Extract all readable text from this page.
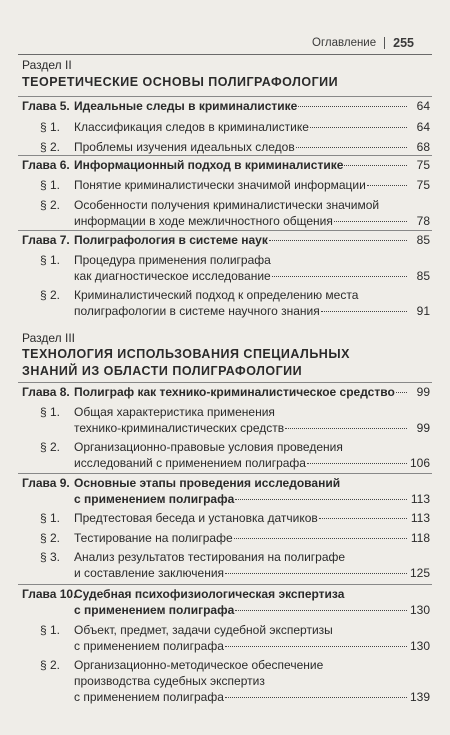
Оглавление 255
Раздел II
ТЕОРЕТИЧЕСКИЕ ОСНОВЫ ПОЛИГРАФОЛОГИИ
Глава 5. Идеальные следы в криминалистике	64
§ 1. Классификация следов в криминалистике	64
§ 2. Проблемы изучения идеальных следов	68
Глава 6. Информационный подход в криминалистике	75
§ 1. Понятие криминалистически значимой информации	75
§ 2. Особенности получения криминалистически значимой
информации в ходе межличностного общения	78
Глава 7. Полиграфология в системе наук	85
§ 1. Процедура применения полиграфа
как диагностическое исследование	85
§ 2. Криминалистический подход к определению места
полиграфологии в системе научного знания	91
Раздел III
ТЕХНОЛОГИЯ ИСПОЛЬЗОВАНИЯ СПЕЦИАЛЬНЫХ
ЗНАНИЙ ИЗ ОБЛАСТИ ПОЛИГРАФОЛОГИИ
Глава 8. Полиграф как технико-криминалистическое средство 99
§ 1. Общая характеристика применения
технико-криминалистических средств	99
§ 2. Организационно-правовые условия проведения
исследований с применением полиграфа	106
Глава 9. Основные этапы проведения исследований
с применением полиграфа	113
§ 1. Предтестовая беседа и установка датчиков	113
§ 2. Тестирование на полиграфе	118
§ 3. Анализ результатов тестирования на полиграфе
и составление заключения	125
Глава 10.
Судебная психофизиологическая экспертиза
с применением полиграфа	130
§ 1. Объект, предмет, задачи судебной экспертизы
с применением полиграфа	130
§ 2. Организационно-методическое обеспечение
производства судебных экспертиз
с применением полиграфа	139
